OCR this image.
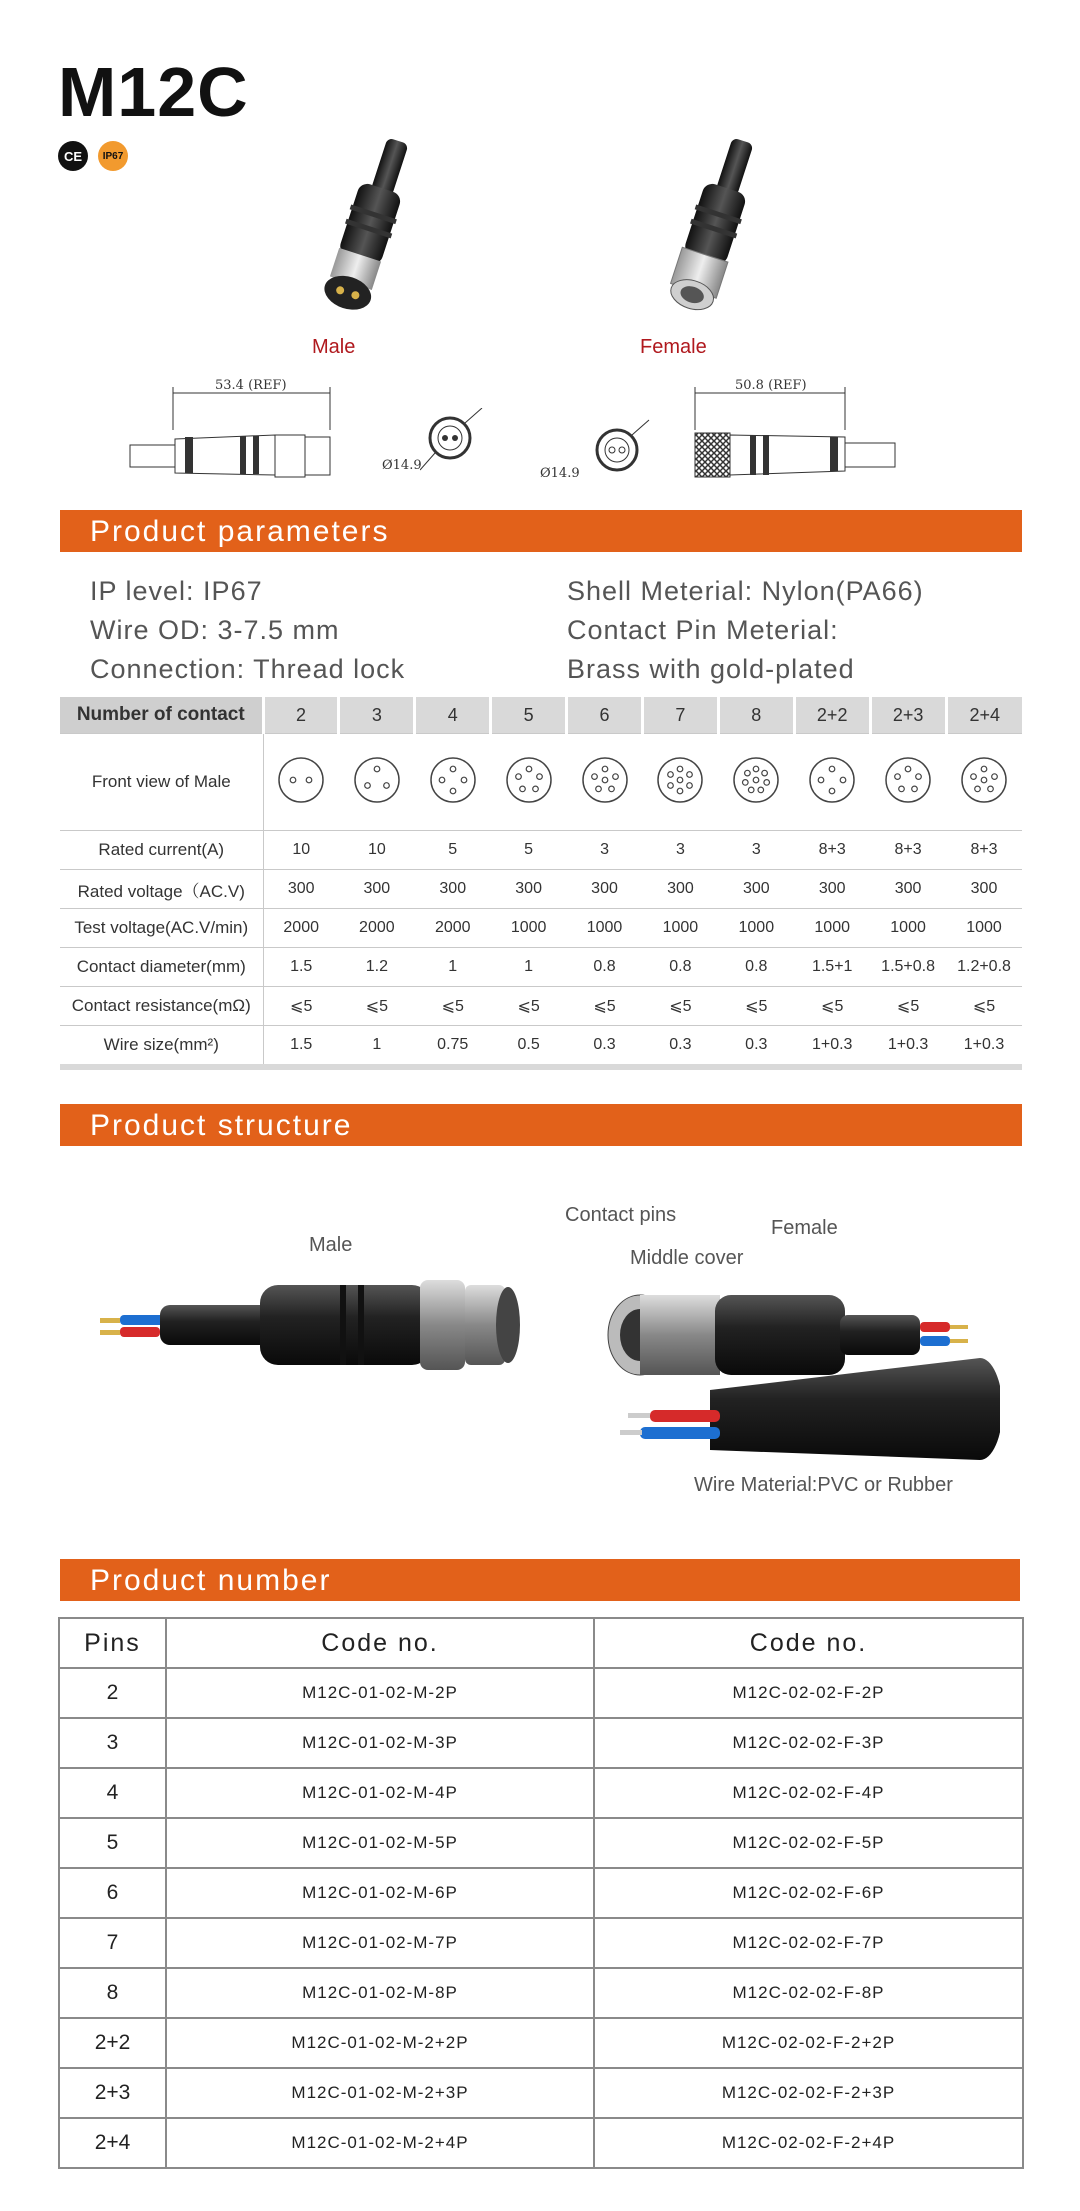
M12C
CE	IP67
Male	Female
53.4 (REF)
Ø14.9
Ø14.9
50.8 (REF)
Product parameters
IP level: IP67
Wire OD: 3-7.5 mm
Connection: Thread lock
Shell Meterial: Nylon(PA66)
Contact Pin Meterial:
Brass with gold-plated
Number of contact	2	3	4	5	6	7	8	2+2	2+3	2+4
Front view of Male										
Rated current(A)	10	10	5	5	3	3	3	8+3	8+3	8+3
Rated voltage（AC.V)	300	300	300	300	300	300	300	300	300	300
Test voltage(AC.V/min)	2000	2000	2000	1000	1000	1000	1000	1000	1000	1000
Contact diameter(mm)	1.5	1.2	1	1	0.8	0.8	0.8	1.5+1	1.5+0.8	1.2+0.8
Contact resistance(mΩ)	⩽5	⩽5	⩽5	⩽5	⩽5	⩽5	⩽5	⩽5	⩽5	⩽5
Wire size(mm²)	1.5	1	0.75	0.5	0.3	0.3	0.3	1+0.3	1+0.3	1+0.3
Product structure
Male
Contact pins
Middle cover
Female
Wire Material:PVC or Rubber
Product number
Pins	Code no.	Code no.
2	M12C-01-02-M-2P	M12C-02-02-F-2P
3	M12C-01-02-M-3P	M12C-02-02-F-3P
4	M12C-01-02-M-4P	M12C-02-02-F-4P
5	M12C-01-02-M-5P	M12C-02-02-F-5P
6	M12C-01-02-M-6P	M12C-02-02-F-6P
7	M12C-01-02-M-7P	M12C-02-02-F-7P
8	M12C-01-02-M-8P	M12C-02-02-F-8P
2+2	M12C-01-02-M-2+2P	M12C-02-02-F-2+2P
2+3	M12C-01-02-M-2+3P	M12C-02-02-F-2+3P
2+4	M12C-01-02-M-2+4P	M12C-02-02-F-2+4P
